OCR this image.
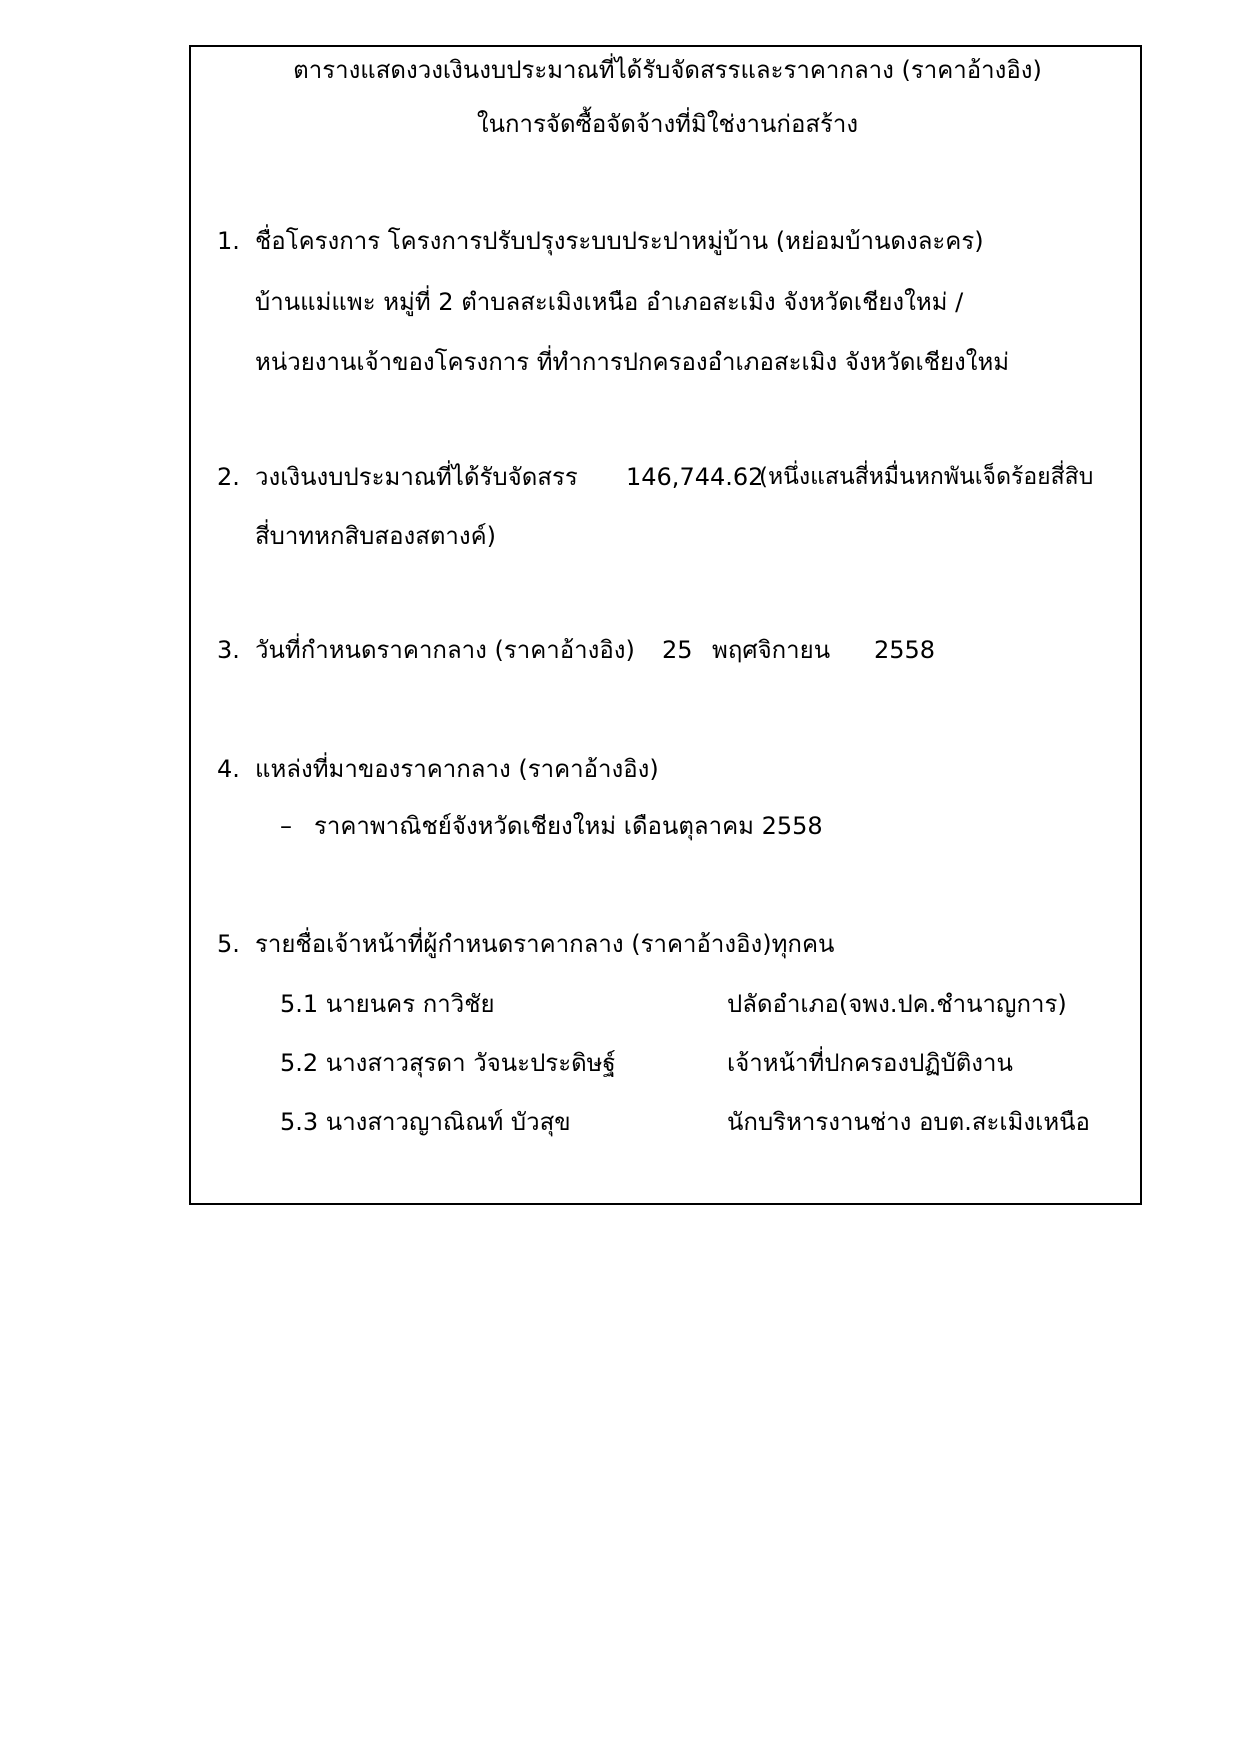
ตารางแสดงวงเงินงบประมาณที่ได้รับจัดสรรและราคากลาง (ราคาอ้างอิง)
ในการจัดซื้อจัดจ้างที่มิใช่งานก่อสร้าง
1. ชื่อโครงการ โครงการปรับปรุงระบบประปาหมู่บ้าน (หย่อมบ้านดงละคร)
บ้านแม่แพะ หมู่ที่ 2 ตำบลสะเมิงเหนือ อำเภอสะเมิง จังหวัดเชียงใหม่ /
หน่วยงานเจ้าของโครงการ ที่ทำการปกครองอำเภอสะเมิง จังหวัดเชียงใหม่
2. วงเงินงบประมาณที่ได้รับจัดสรร 146,744.62
(หนึ่งแสนสี่หมื่นหกพันเจ็ดร้อยสี่สิบ
สี่บาทหกสิบสองสตางค์)
3. วันที่กำหนดราคากลาง (ราคาอ้างอิง) 25 พฤศจิกายน 2558
4. แหล่งที่มาของราคากลาง (ราคาอ้างอิง)
– ราคาพาณิชย์จังหวัดเชียงใหม่ เดือนตุลาคม 2558
5. รายชื่อเจ้าหน้าที่ผู้กำหนดราคากลาง (ราคาอ้างอิง)ทุกคน
5.1 นายนคร กาวิชัย	ปลัดอำเภอ(จพง.ปค.ชำนาญการ)
5.2 นางสาวสุรดา วัจนะประดิษฐ์	เจ้าหน้าที่ปกครองปฏิบัติงาน
5.3 นางสาวญาณิณท์ บัวสุข	นักบริหารงานช่าง อบต.สะเมิงเหนือ
